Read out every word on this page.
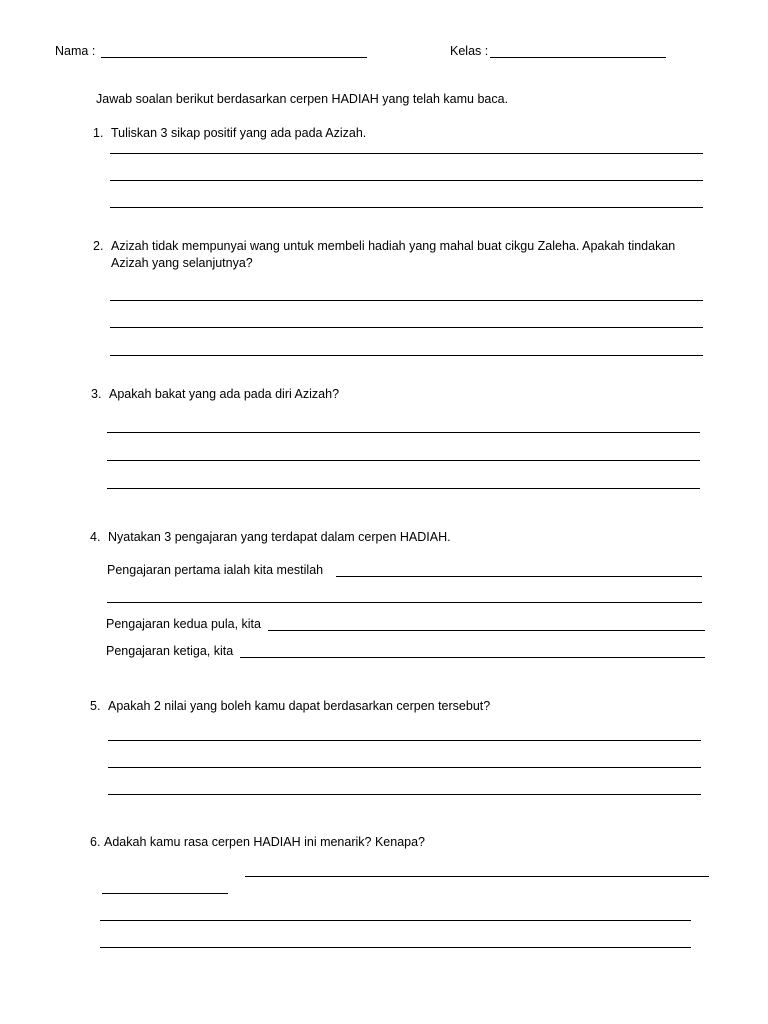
Nama :	Kelas :
Jawab soalan berikut berdasarkan cerpen HADIAH yang telah kamu baca.
1. Tuliskan 3 sikap positif yang ada pada Azizah.
2. Azizah tidak mempunyai wang untuk membeli hadiah yang mahal buat cikgu Zaleha. Apakah tindakan
Azizah yang selanjutnya?
3. Apakah bakat yang ada pada diri Azizah?
4. Nyatakan 3 pengajaran yang terdapat dalam cerpen HADIAH.
Pengajaran pertama ialah kita mestilah
Pengajaran kedua pula, kita
Pengajaran ketiga, kita
5. Apakah 2 nilai yang boleh kamu dapat berdasarkan cerpen tersebut?
6. Adakah kamu rasa cerpen HADIAH ini menarik? Kenapa?
